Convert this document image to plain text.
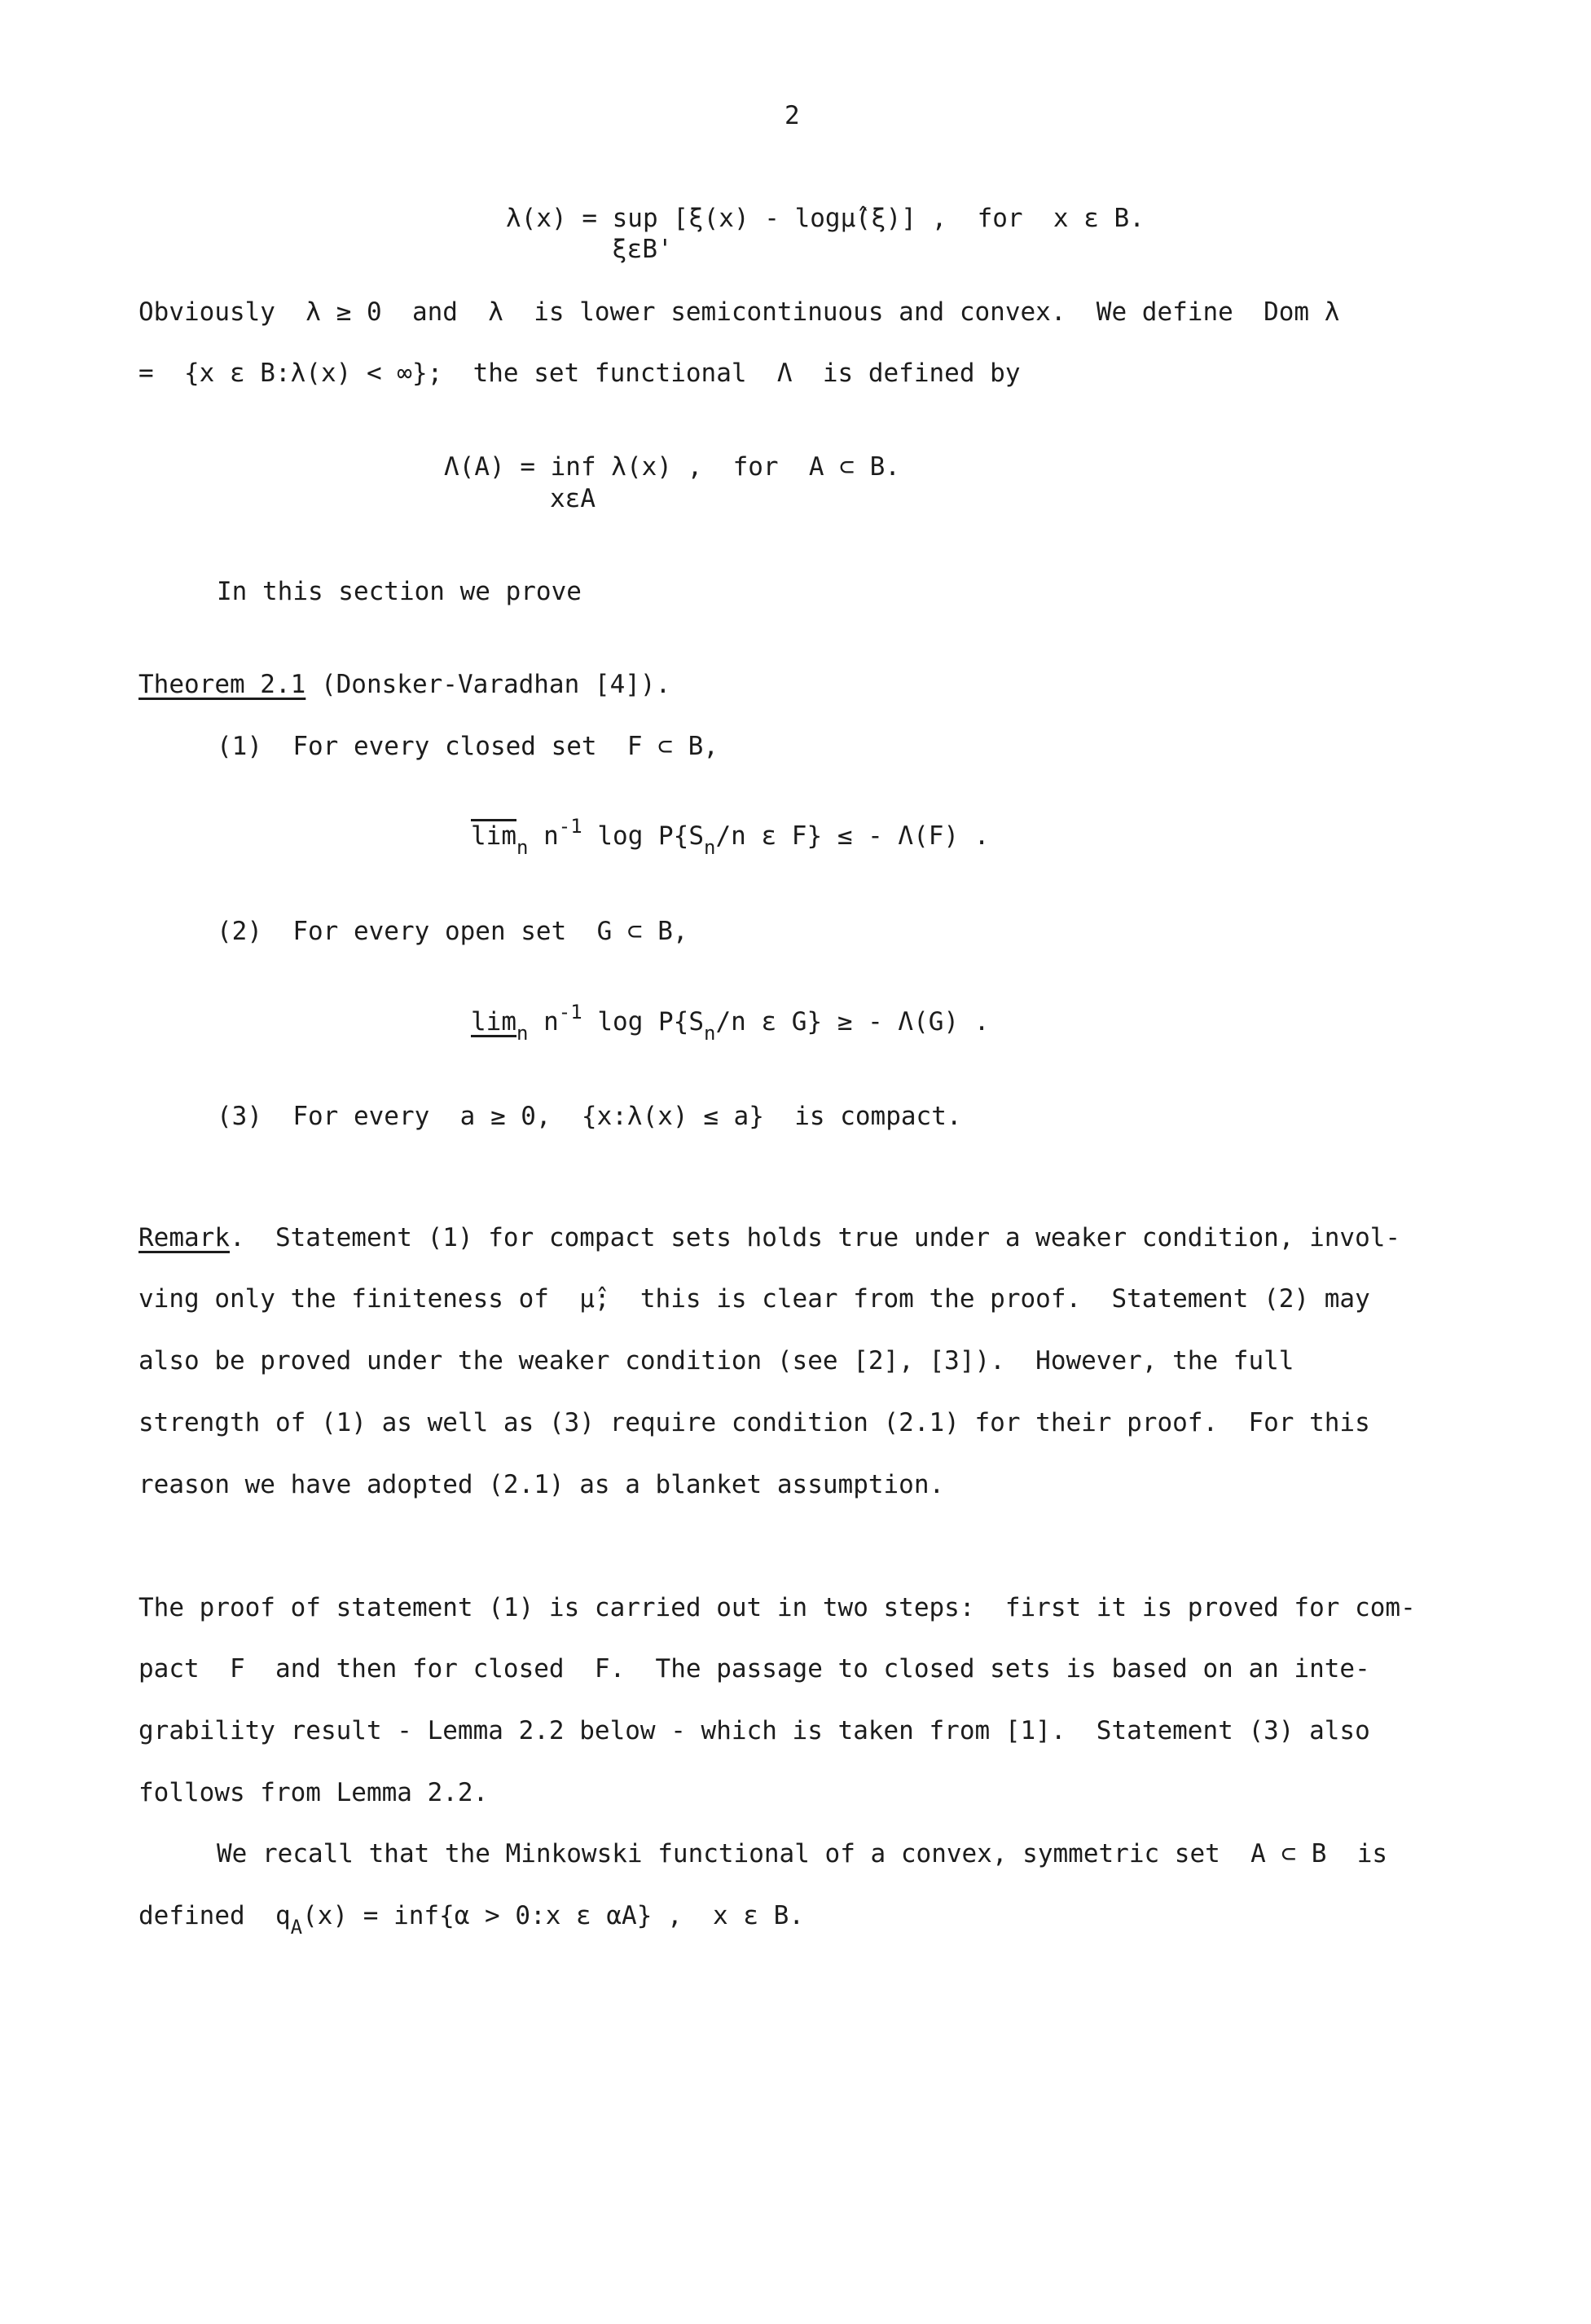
2
λ(x) = sup [ξ(x) - logμ̂(ξ)] ,  for  x ε B.
ξεB'
Obviously  λ ≥ 0  and  λ  is lower semicontinuous and convex.  We define  Dom λ
=  {x ε B:λ(x) < ∞};  the set functional  Λ  is defined by
Λ(A) = inf λ(x) ,  for  A ⊂ B.
xεA
In this section we prove
Theorem 2.1 (Donsker-Varadhan [4]).
(1)  For every closed set  F ⊂ B,
$\overline{lim}_n$ $n^{-1}$ $\log P\{S_n/n$ ε F} ≤ - Λ(F) .
(2)  For every open set  G ⊂ B,
$\lim_n n^{-1}$ $\log P\{S_n/n$ ε G} ≥ - Λ(G) .
(3)  For every  a ≥ 0,  {x:λ(x) ≤ a}  is compact.
Remark.  Statement (1) for compact sets holds true under a weaker condition, invol-
ving only the finiteness of  μ̂;  this is clear from the proof.  Statement (2) may
also be proved under the weaker condition (see [2], [3]).  However, the full
strength of (1) as well as (3) require condition (2.1) for their proof.  For this
reason we have adopted (2.1) as a blanket assumption.
The proof of statement (1) is carried out in two steps:  first it is proved for com-
pact  F  and then for closed  F.  The passage to closed sets is based on an inte-
grability result - Lemma 2.2 below - which is taken from [1].  Statement (3) also
follows from Lemma 2.2.
We recall that the Minkowski functional of a convex, symmetric set  A ⊂ B  is
defined  $q_A(x) = inf\{\alpha$ > 0:x ε αA} ,  x ε B.
